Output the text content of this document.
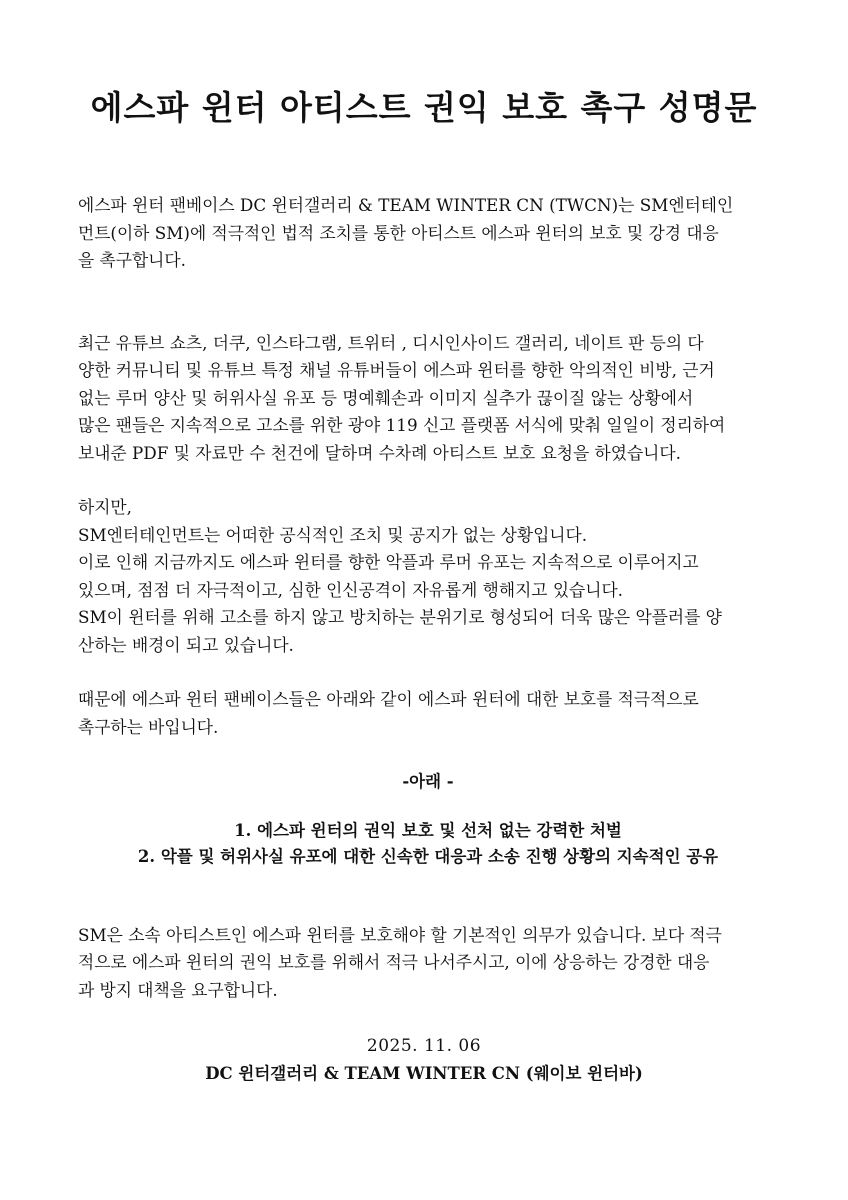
에스파 윈터 아티스트 권익 보호 촉구 성명문

에스파 윈터 팬베이스 DC 윈터갤러리 & TEAM WINTER CN (TWCN)는 SM엔터테인

먼트(이하 SM)에 적극적인 법적 조치를 통한 아티스트 에스파 윈터의 보호 및 강경 대응

을 촉구합니다.

최근 유튜브 쇼츠, 더쿠, 인스타그램, 트위터 , 디시인사이드 갤러리, 네이트 판 등의 다

양한 커뮤니티 및 유튜브 특정 채널 유튜버들이 에스파 윈터를 향한 악의적인 비방, 근거

없는 루머 양산 및 허위사실 유포 등 명예훼손과 이미지 실추가 끊이질 않는 상황에서

많은 팬들은 지속적으로 고소를 위한 광야 119 신고 플랫폼 서식에 맞춰 일일이 정리하여

보내준 PDF 및 자료만 수 천건에 달하며 수차례 아티스트 보호 요청을 하였습니다.

하지만,

SM엔터테인먼트는 어떠한 공식적인 조치 및 공지가 없는 상황입니다.

이로 인해 지금까지도 에스파 윈터를 향한 악플과 루머 유포는 지속적으로 이루어지고

있으며, 점점 더 자극적이고, 심한 인신공격이 자유롭게 행해지고 있습니다.

SM이 윈터를 위해 고소를 하지 않고 방치하는 분위기로 형성되어 더욱 많은 악플러를 양

산하는 배경이 되고 있습니다.

때문에 에스파 윈터 팬베이스들은 아래와 같이 에스파 윈터에 대한 보호를 적극적으로

촉구하는 바입니다.

-아래 -

1. 에스파 윈터의 권익 보호 및 선처 없는 강력한 처벌
2. 악플 및 허위사실 유포에 대한 신속한 대응과 소송 진행 상황의 지속적인 공유

SM은 소속 아티스트인 에스파 윈터를 보호해야 할 기본적인 의무가 있습니다. 보다 적극

적으로 에스파 윈터의 권익 보호를 위해서 적극 나서주시고, 이에 상응하는 강경한 대응

과 방지 대책을 요구합니다.

2025. 11. 06
DC 윈터갤러리 & TEAM WINTER CN (웨이보 윈터바)
